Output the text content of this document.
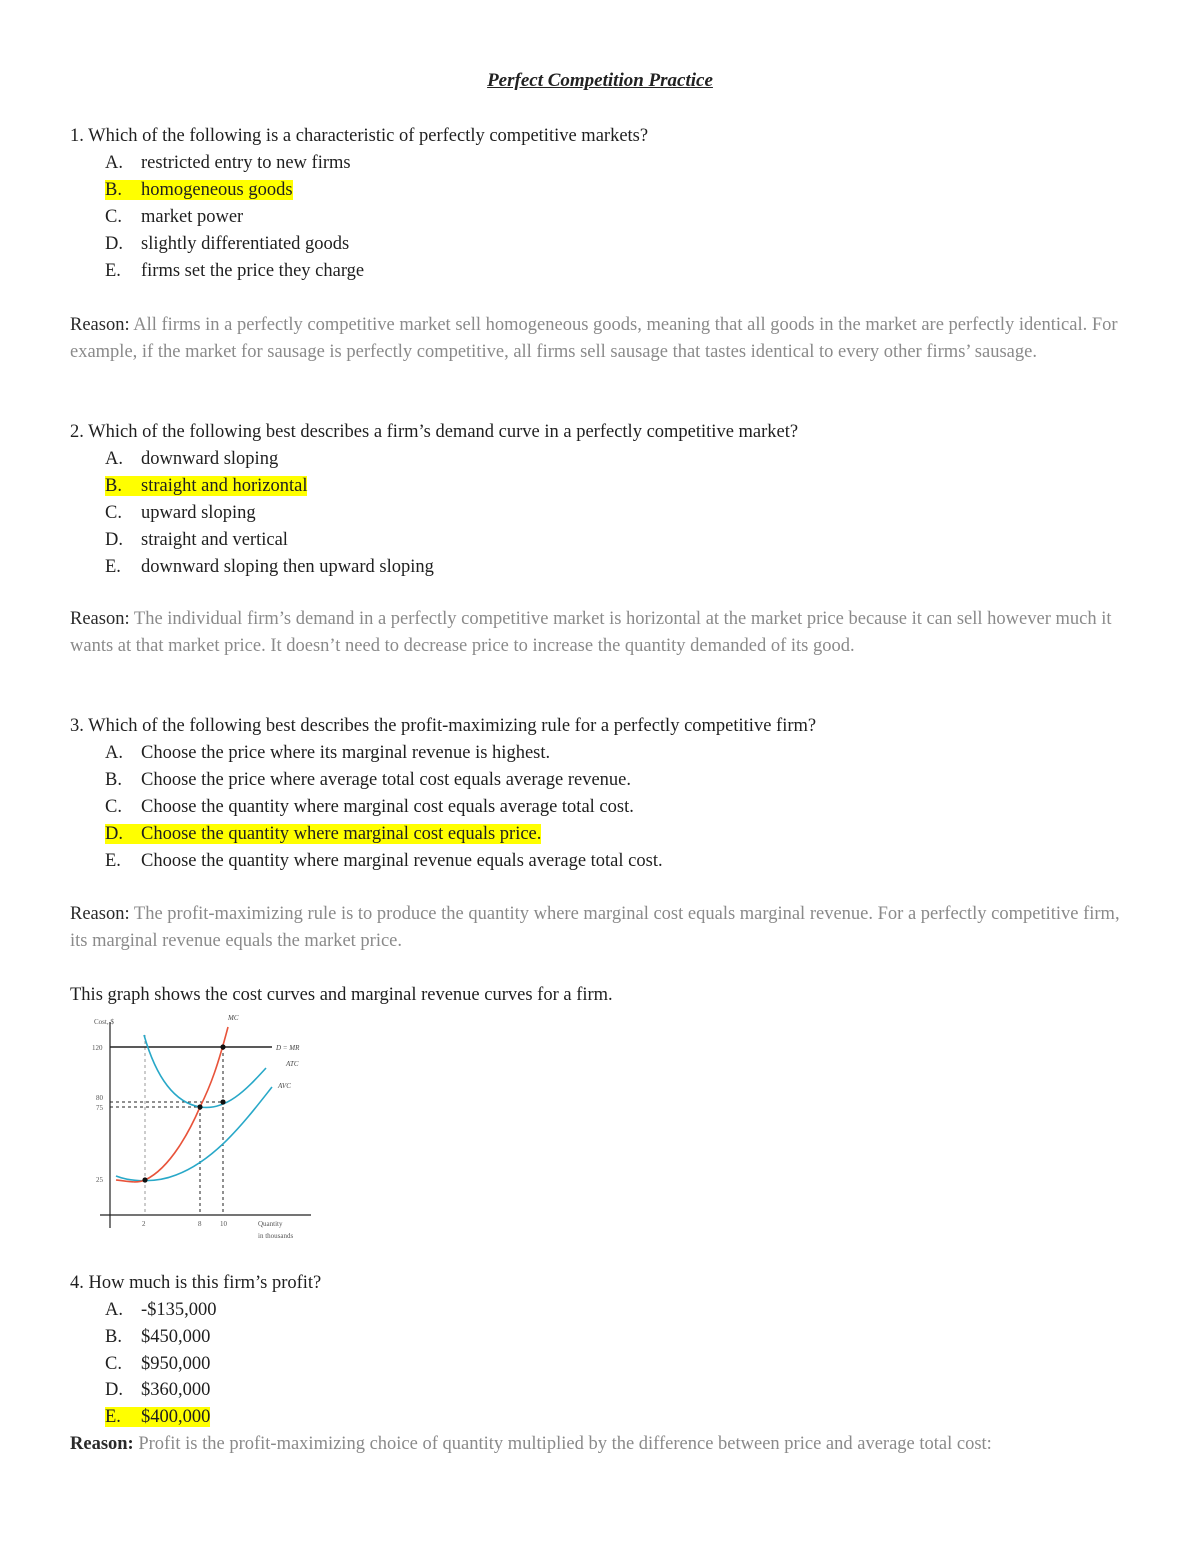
Perfect Competition Practice
1. Which of the following is a characteristic of perfectly competitive markets?
A. restricted entry to new firms
B. homogeneous goods
C. market power
D. slightly differentiated goods
E. firms set the price they charge
Reason: All firms in a perfectly competitive market sell homogeneous goods, meaning that all goods in the market are perfectly identical. For example, if the market for sausage is perfectly competitive, all firms sell sausage that tastes identical to every other firms’ sausage.
2. Which of the following best describes a firm’s demand curve in a perfectly competitive market?
A. downward sloping
B. straight and horizontal
C. upward sloping
D. straight and vertical
E. downward sloping then upward sloping
Reason: The individual firm’s demand in a perfectly competitive market is horizontal at the market price because it can sell however much it wants at that market price. It doesn’t need to decrease price to increase the quantity demanded of its good.
3. Which of the following best describes the profit-maximizing rule for a perfectly competitive firm?
A. Choose the price where its marginal revenue is highest.
B. Choose the price where average total cost equals average revenue.
C. Choose the quantity where marginal cost equals average total cost.
D. Choose the quantity where marginal cost equals price.
E. Choose the quantity where marginal revenue equals average total cost.
Reason: The profit-maximizing rule is to produce the quantity where marginal cost equals marginal revenue. For a perfectly competitive firm, its marginal revenue equals the market price.
This graph shows the cost curves and marginal revenue curves for a firm.
Cost, $
Quantity
in thousands
120
80
75
25
2	8	10
D = MR
ATC
AVC
MC
4. How much is this firm’s profit?
A. -$135,000
B. $450,000
C. $950,000
D. $360,000
E. $400,000
Reason: Profit is the profit-maximizing choice of quantity multiplied by the difference between price and average total cost:
